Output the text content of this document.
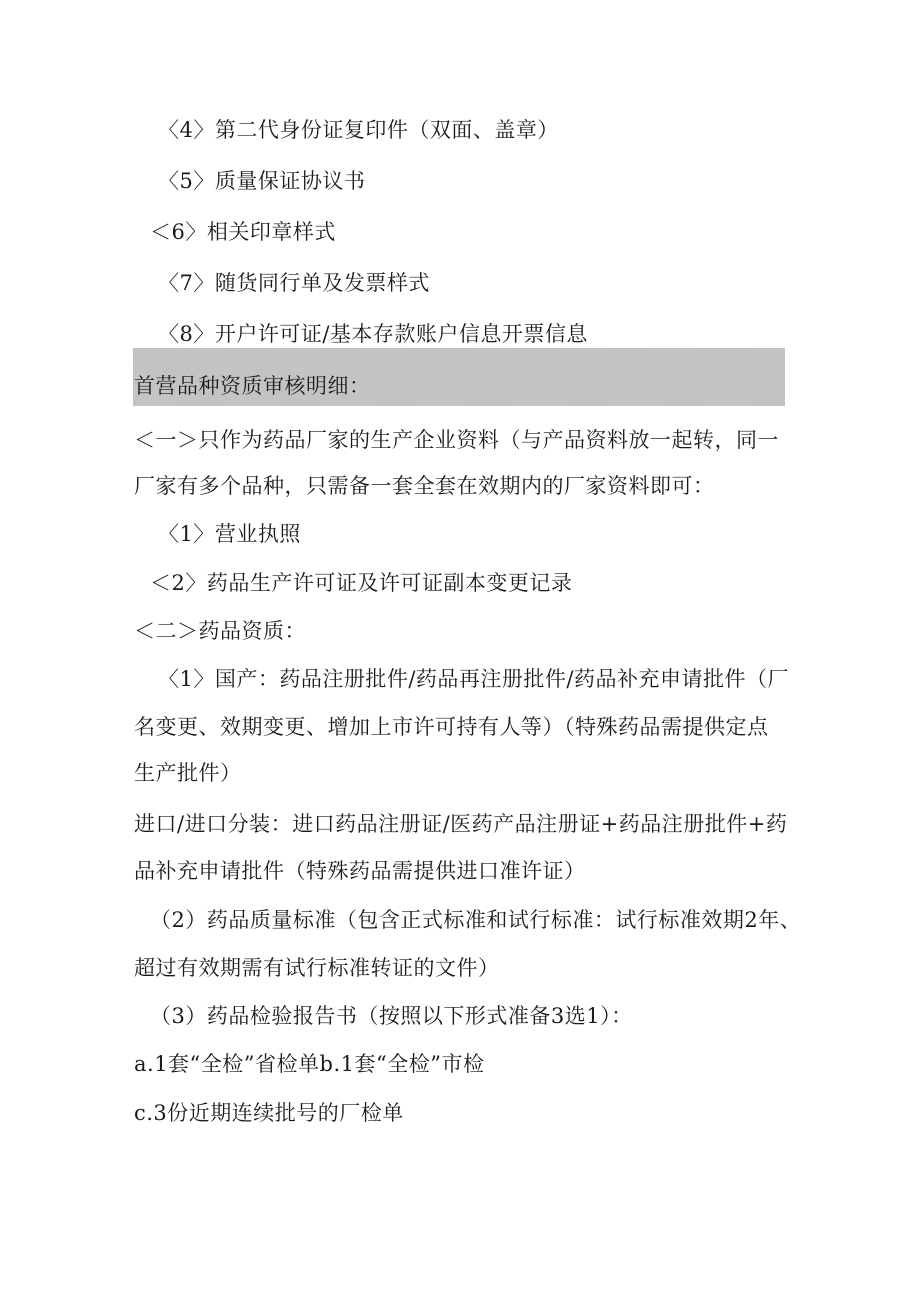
〈4〉第二代身份证复印件（双面、盖章）
〈5〉质量保证协议书
＜6〉相关印章样式
〈7〉随货同行单及发票样式
〈8〉开户许可证/基本存款账户信息开票信息
首营品种资质审核明细：
＜一＞只作为药品厂家的生产企业资料（与产品资料放一起转，同一
厂家有多个品种，只需备一套全套在效期内的厂家资料即可：
〈1〉营业执照
＜2〉药品生产许可证及许可证副本变更记录
＜二＞药品资质：
〈1〉国产：药品注册批件/药品再注册批件/药品补充申请批件（厂
名变更、效期变更、增加上市许可持有人等）（特殊药品需提供定点
生产批件）
进口/进口分装：进口药品注册证/医药产品注册证+药品注册批件+药
品补充申请批件（特殊药品需提供进口准许证）
（2）药品质量标准（包含正式标准和试行标准：试行标准效期2年、
超过有效期需有试行标准转证的文件）
（3）药品检验报告书（按照以下形式准备3选1）：
a.1套“全检”省检单b.1套“全检”市检
c.3份近期连续批号的厂检单
